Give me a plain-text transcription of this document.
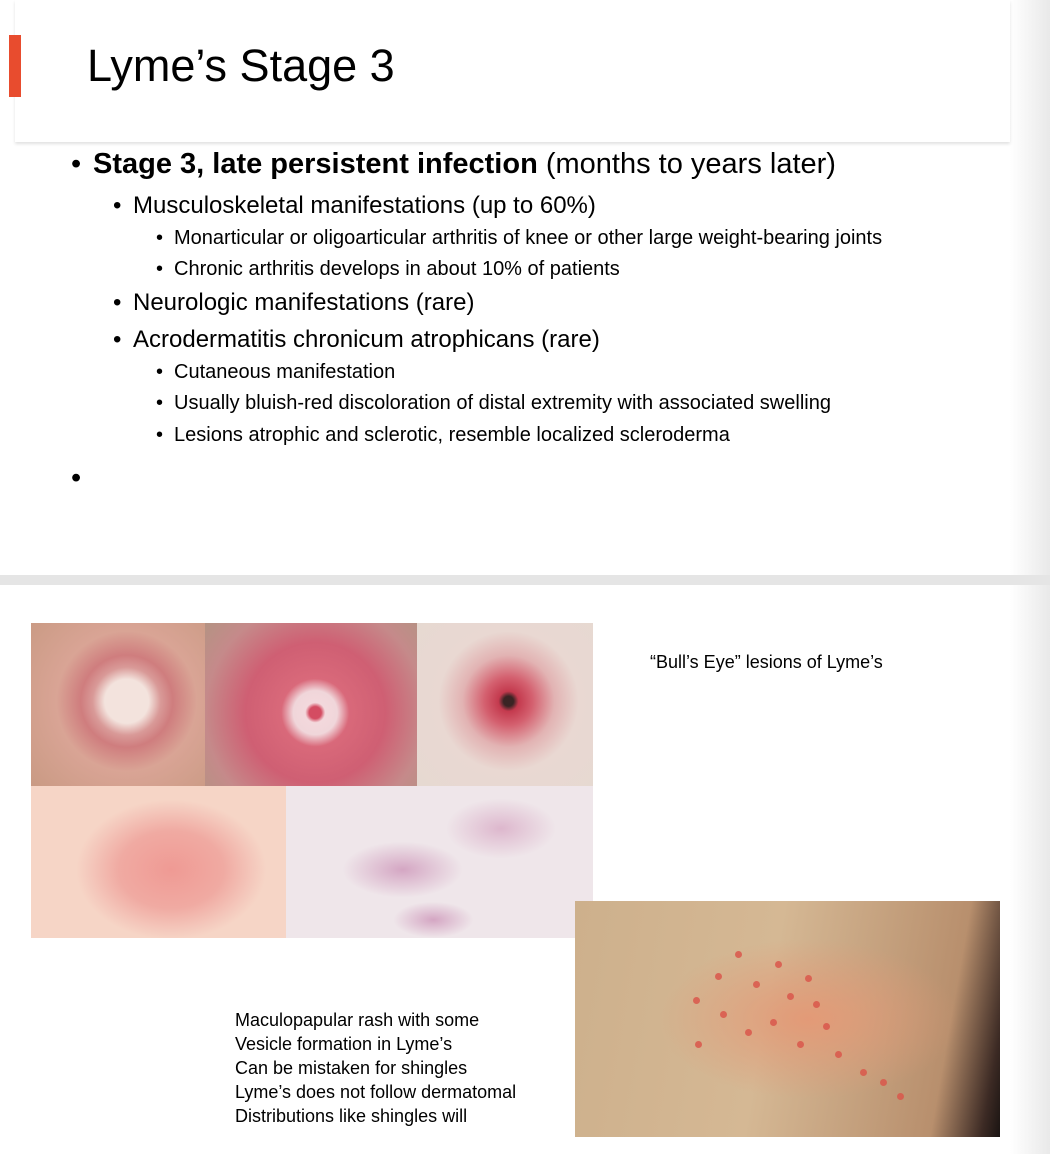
Lyme’s Stage 3
• Stage 3, late persistent infection (months to years later)
• Musculoskeletal manifestations (up to 60%)
• Monarticular or oligoarticular arthritis of knee or other large weight-bearing joints
• Chronic arthritis develops in about 10% of patients
• Neurologic manifestations (rare)
• Acrodermatitis chronicum atrophicans (rare)
• Cutaneous manifestation
• Usually bluish-red discoloration of distal extremity with associated swelling
• Lesions atrophic and sclerotic, resemble localized scleroderma
•
“Bull’s Eye” lesions of Lyme’s
Maculopapular rash with some
Vesicle formation in Lyme’s
Can be mistaken for shingles
Lyme’s does not follow dermatomal
Distributions like shingles will
